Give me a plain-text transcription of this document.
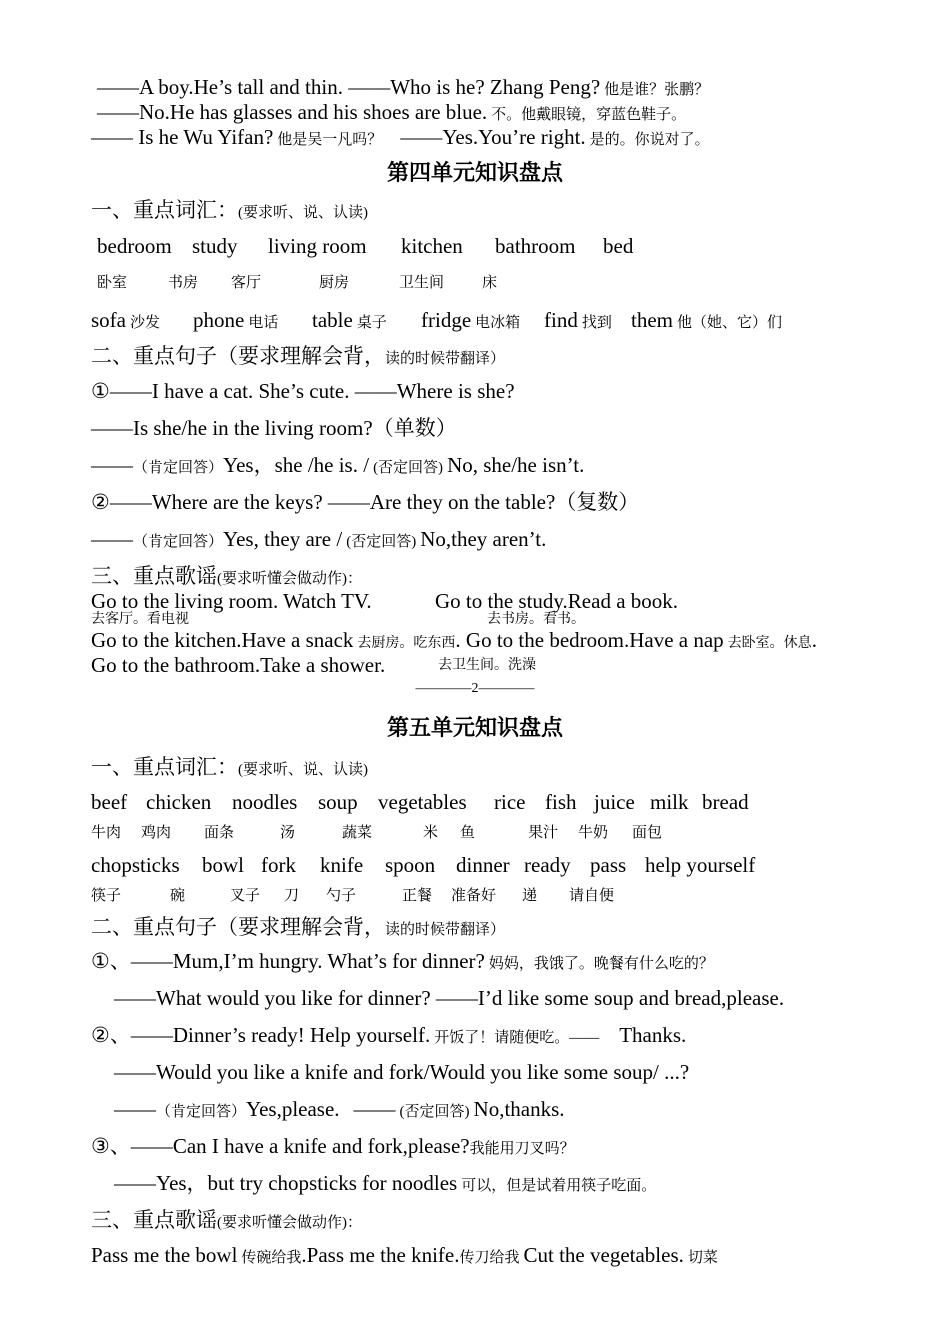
——A boy.He’s tall and thin. ——Who is he? Zhang Peng? 他是谁？张鹏？
——No.He has glasses and his shoes are blue. 不。他戴眼镜，穿蓝色鞋子。
—— Is he Wu Yifan? 他是吴一凡吗？ ——Yes.You’re right. 是的。你说对了。
第四单元知识盘点
一、重点词汇：(要求听、说、认读)
bedroom study living room kitchen bathroom bed
卧室	书房 客厅	厨房	卫生间	床
sofa 沙发 phone 电话 table 桌子 fridge 电冰箱 find 找到 them 他（她、它）们
二、重点句子（要求理解会背，读的时候带翻译）
①——I have a cat. She’s cute. ——Where is she?
——Is she/he in the living room?（单数）
——（肯定回答）Yes，she /he is. / (否定回答) No, she/he isn’t.
②——Where are the keys? ——Are they on the table?（复数）
——（肯定回答）Yes, they are / (否定回答) No,they aren’t.
三、重点歌谣(要求听懂会做动作)：
Go to the living room. Watch TV.	Go to the study.Read a book.
去客厅。看电视	去书房。看书。
Go to the kitchen.Have a snack 去厨房。吃东西. Go to the bedroom.Have a nap 去卧室。休息.
Go to the bathroom.Take a shower.	去卫生间。洗澡
————2————
第五单元知识盘点
一、重点词汇：(要求听、说、认读)
beef chicken noodles soup vegetables rice fish juice milk bread
牛肉 鸡肉 面条	汤	蔬菜	米 鱼	果汁 牛奶 面包
chopsticks bowl fork knife spoon dinner ready pass help yourself
筷子	碗	叉子 刀 勺子	正餐 准备好 递 请自便
二、重点句子（要求理解会背，读的时候带翻译）
①、——Mum,I’m hungry. What’s for dinner? 妈妈，我饿了。晚餐有什么吃的？
——What would you like for dinner? ——I’d like some soup and bread,please.
②、——Dinner’s ready! Help yourself. 开饭了！请随便吃。—— Thanks.
——Would you like a knife and fork/Would you like some soup/ ...?
——（肯定回答）Yes,please. —— (否定回答) No,thanks.
③、——Can I have a knife and fork,please?我能用刀叉吗？
——Yes，but try chopsticks for noodles 可以，但是试着用筷子吃面。
三、重点歌谣(要求听懂会做动作)：
Pass me the bowl 传碗给我.Pass me the knife.传刀给我 Cut the vegetables. 切菜
